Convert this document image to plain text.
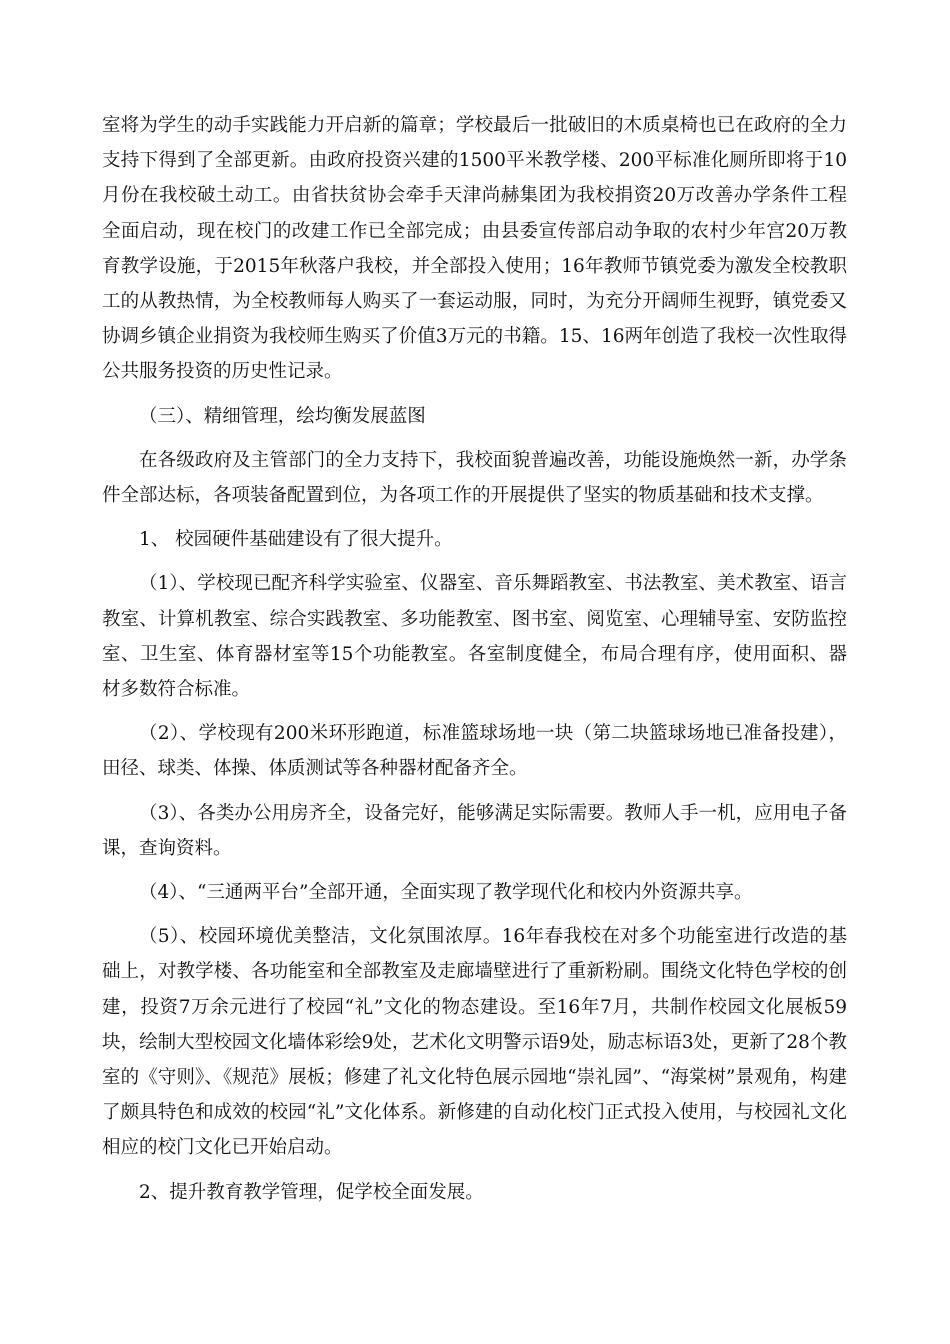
室将为学生的动手实践能力开启新的篇章；学校最后一批破旧的木质桌椅也已在政府的全力支持下得到了全部更新。由政府投资兴建的1500平米教学楼、200平标准化厕所即将于10月份在我校破土动工。由省扶贫协会牵手天津尚赫集团为我校捐资20万改善办学条件工程全面启动，现在校门的改建工作已全部完成；由县委宣传部启动争取的农村少年宫20万教育教学设施，于2015年秋落户我校，并全部投入使用；16年教师节镇党委为激发全校教职工的从教热情，为全校教师每人购买了一套运动服，同时，为充分开阔师生视野，镇党委又协调乡镇企业捐资为我校师生购买了价值3万元的书籍。15、16两年创造了我校一次性取得公共服务投资的历史性记录。

（三）、精细管理，绘均衡发展蓝图

在各级政府及主管部门的全力支持下，我校面貌普遍改善，功能设施焕然一新，办学条件全部达标，各项装备配置到位，为各项工作的开展提供了坚实的物质基础和技术支撑。

1、 校园硬件基础建设有了很大提升。

（1）、学校现已配齐科学实验室、仪器室、音乐舞蹈教室、书法教室、美术教室、语言教室、计算机教室、综合实践教室、多功能教室、图书室、阅览室、心理辅导室、安防监控室、卫生室、体育器材室等15个功能教室。各室制度健全，布局合理有序，使用面积、器材多数符合标准。

（2）、学校现有200米环形跑道，标准篮球场地一块（第二块篮球场地已准备投建），田径、球类、体操、体质测试等各种器材配备齐全。

（3）、各类办公用房齐全，设备完好，能够满足实际需要。教师人手一机，应用电子备课，查询资料。

（4）、“三通两平台”全部开通，全面实现了教学现代化和校内外资源共享。

（5）、校园环境优美整洁，文化氛围浓厚。16年春我校在对多个功能室进行改造的基础上，对教学楼、各功能室和全部教室及走廊墙壁进行了重新粉刷。围绕文化特色学校的创建，投资7万余元进行了校园“礼”文化的物态建设。至16年7月，共制作校园文化展板59块，绘制大型校园文化墙体彩绘9处，艺术化文明警示语9处，励志标语3处，更新了28个教室的《守则》、《规范》展板；修建了礼文化特色展示园地“崇礼园”、“海棠树”景观角，构建了颇具特色和成效的校园“礼”文化体系。新修建的自动化校门正式投入使用，与校园礼文化相应的校门文化已开始启动。

2、提升教育教学管理，促学校全面发展。
